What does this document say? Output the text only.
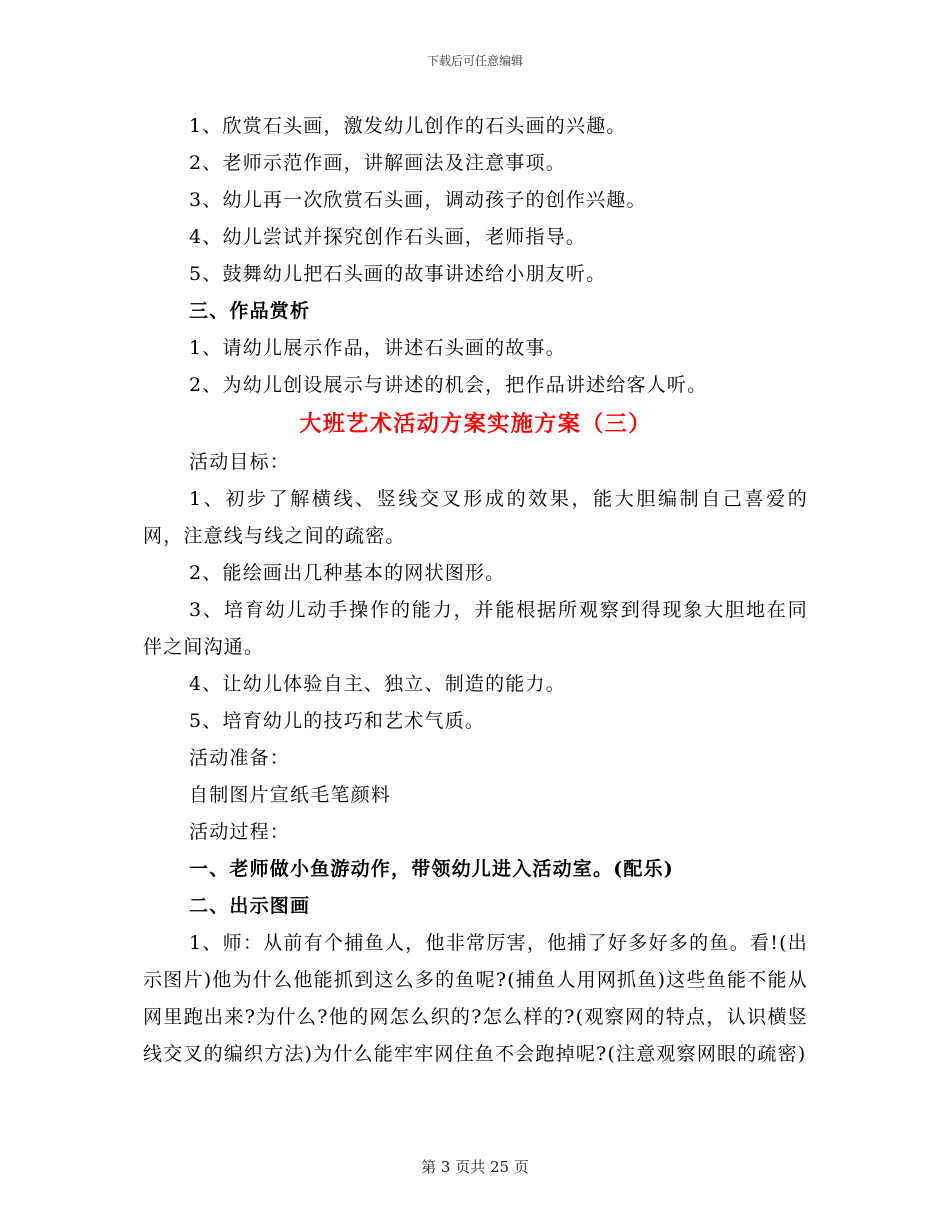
下载后可任意编辑
1、欣赏石头画，激发幼儿创作的石头画的兴趣。
2、老师示范作画，讲解画法及注意事项。
3、幼儿再一次欣赏石头画，调动孩子的创作兴趣。
4、幼儿尝试并探究创作石头画，老师指导。
5、鼓舞幼儿把石头画的故事讲述给小朋友听。
三、作品赏析
1、请幼儿展示作品，讲述石头画的故事。
2、为幼儿创设展示与讲述的机会，把作品讲述给客人听。
大班艺术活动方案实施方案（三）
活动目标：
1、初步了解横线、竖线交叉形成的效果，能大胆编制自己喜爱的网，注意线与线之间的疏密。
2、能绘画出几种基本的网状图形。
3、培育幼儿动手操作的能力，并能根据所观察到得现象大胆地在同伴之间沟通。
4、让幼儿体验自主、独立、制造的能力。
5、培育幼儿的技巧和艺术气质。
活动准备：
自制图片宣纸毛笔颜料
活动过程：
一、老师做小鱼游动作，带领幼儿进入活动室。(配乐)
二、出示图画
1、师：从前有个捕鱼人，他非常厉害，他捕了好多好多的鱼。看!(出示图片)他为什么他能抓到这么多的鱼呢?(捕鱼人用网抓鱼)这些鱼能不能从网里跑出来?为什么?他的网怎么织的?怎么样的?(观察网的特点，认识横竖线交叉的编织方法)为什么能牢牢网住鱼不会跑掉呢?(注意观察网眼的疏密)
第 3 页共 25 页
